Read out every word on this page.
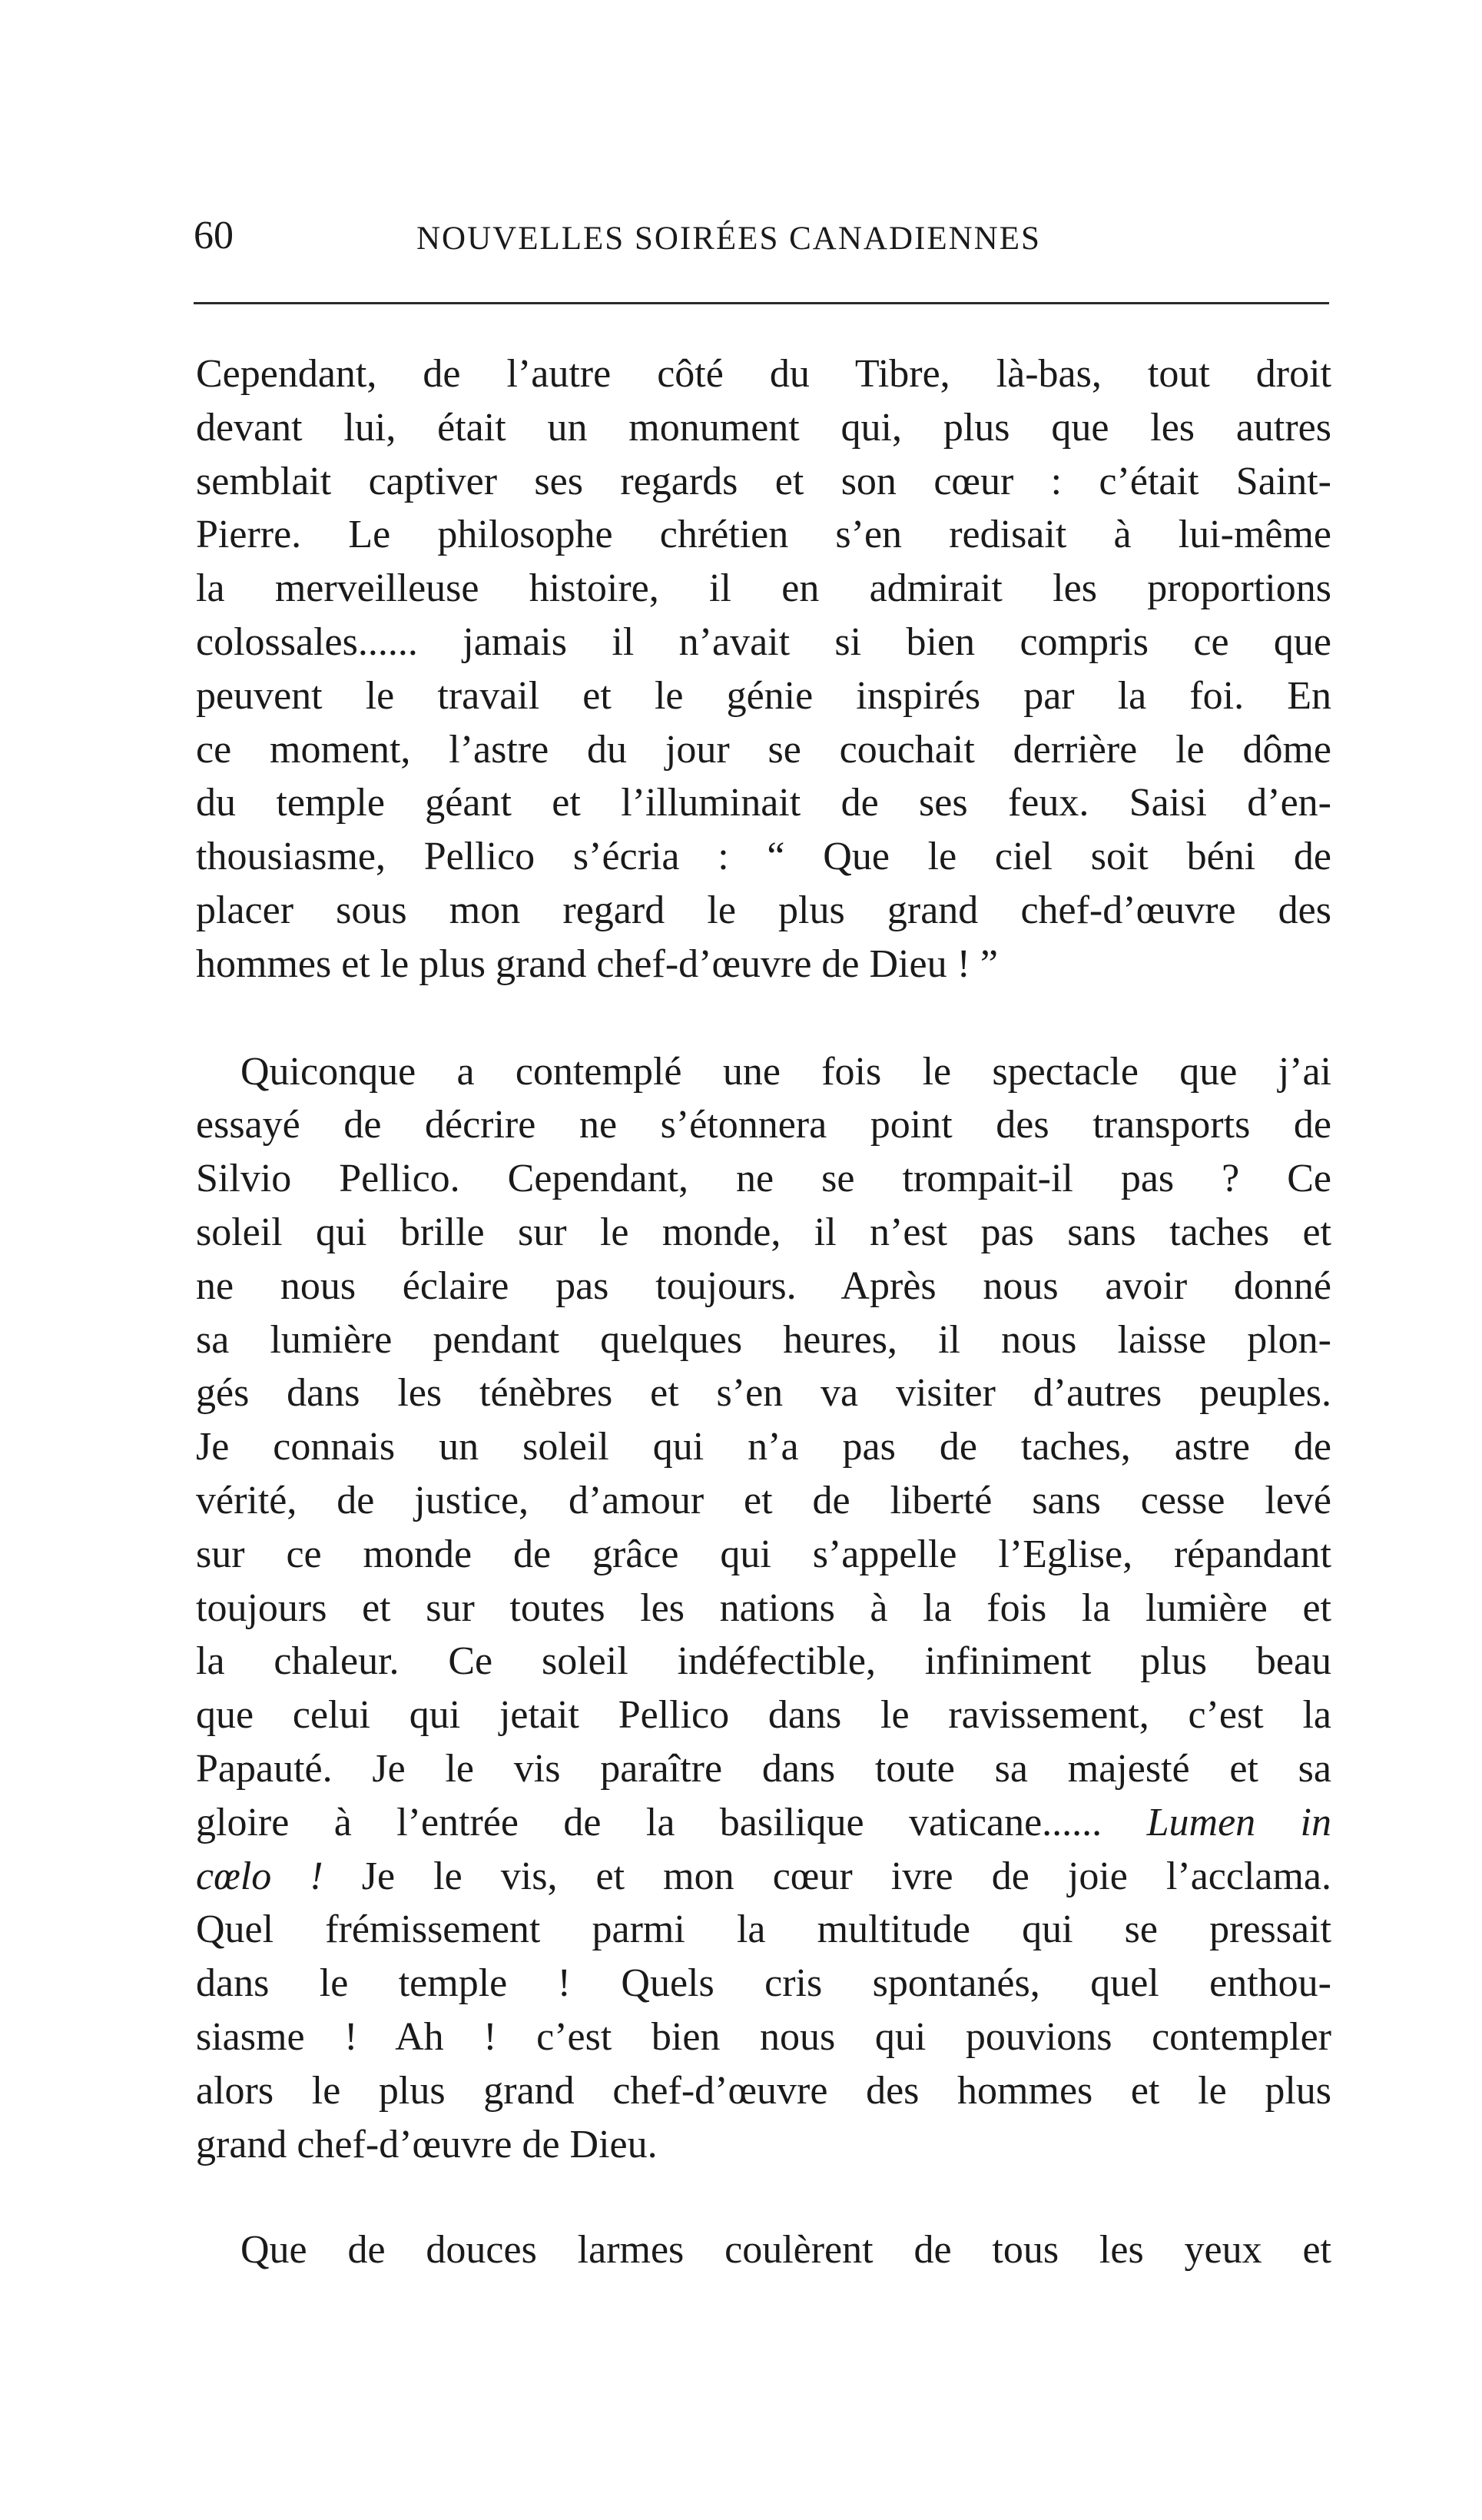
60	NOUVELLES SOIRÉES CANADIENNES

Cependant, de l’autre côté du Tibre, là-bas, tout droit
devant lui, était un monument qui, plus que les autres
semblait captiver ses regards et son cœur : c’était Saint-
Pierre. Le philosophe chrétien s’en redisait à lui-même
la merveilleuse histoire, il en admirait les proportions
colossales...... jamais il n’avait si bien compris ce que
peuvent le travail et le génie inspirés par la foi. En
ce moment, l’astre du jour se couchait derrière le dôme
du temple géant et l’illuminait de ses feux. Saisi d’en-
thousiasme, Pellico s’écria : “ Que le ciel soit béni de
placer sous mon regard le plus grand chef-d’œuvre des
hommes et le plus grand chef-d’œuvre de Dieu ! ”

Quiconque a contemplé une fois le spectacle que j’ai
essayé de décrire ne s’étonnera point des transports de
Silvio Pellico. Cependant, ne se trompait-il pas ? Ce
soleil qui brille sur le monde, il n’est pas sans taches et
ne nous éclaire pas toujours. Après nous avoir donné
sa lumière pendant quelques heures, il nous laisse plon-
gés dans les ténèbres et s’en va visiter d’autres peuples.
Je connais un soleil qui n’a pas de taches, astre de
vérité, de justice, d’amour et de liberté sans cesse levé
sur ce monde de grâce qui s’appelle l’Eglise, répandant
toujours et sur toutes les nations à la fois la lumière et
la chaleur. Ce soleil indéfectible, infiniment plus beau
que celui qui jetait Pellico dans le ravissement, c’est la
Papauté. Je le vis paraître dans toute sa majesté et sa
gloire à l’entrée de la basilique vaticane...... Lumen in
cœlo ! Je le vis, et mon cœur ivre de joie l’acclama.
Quel frémissement parmi la multitude qui se pressait
dans le temple ! Quels cris spontanés, quel enthou-
siasme ! Ah ! c’est bien nous qui pouvions contempler
alors le plus grand chef-d’œuvre des hommes et le plus
grand chef-d’œuvre de Dieu.

Que de douces larmes coulèrent de tous les yeux et
